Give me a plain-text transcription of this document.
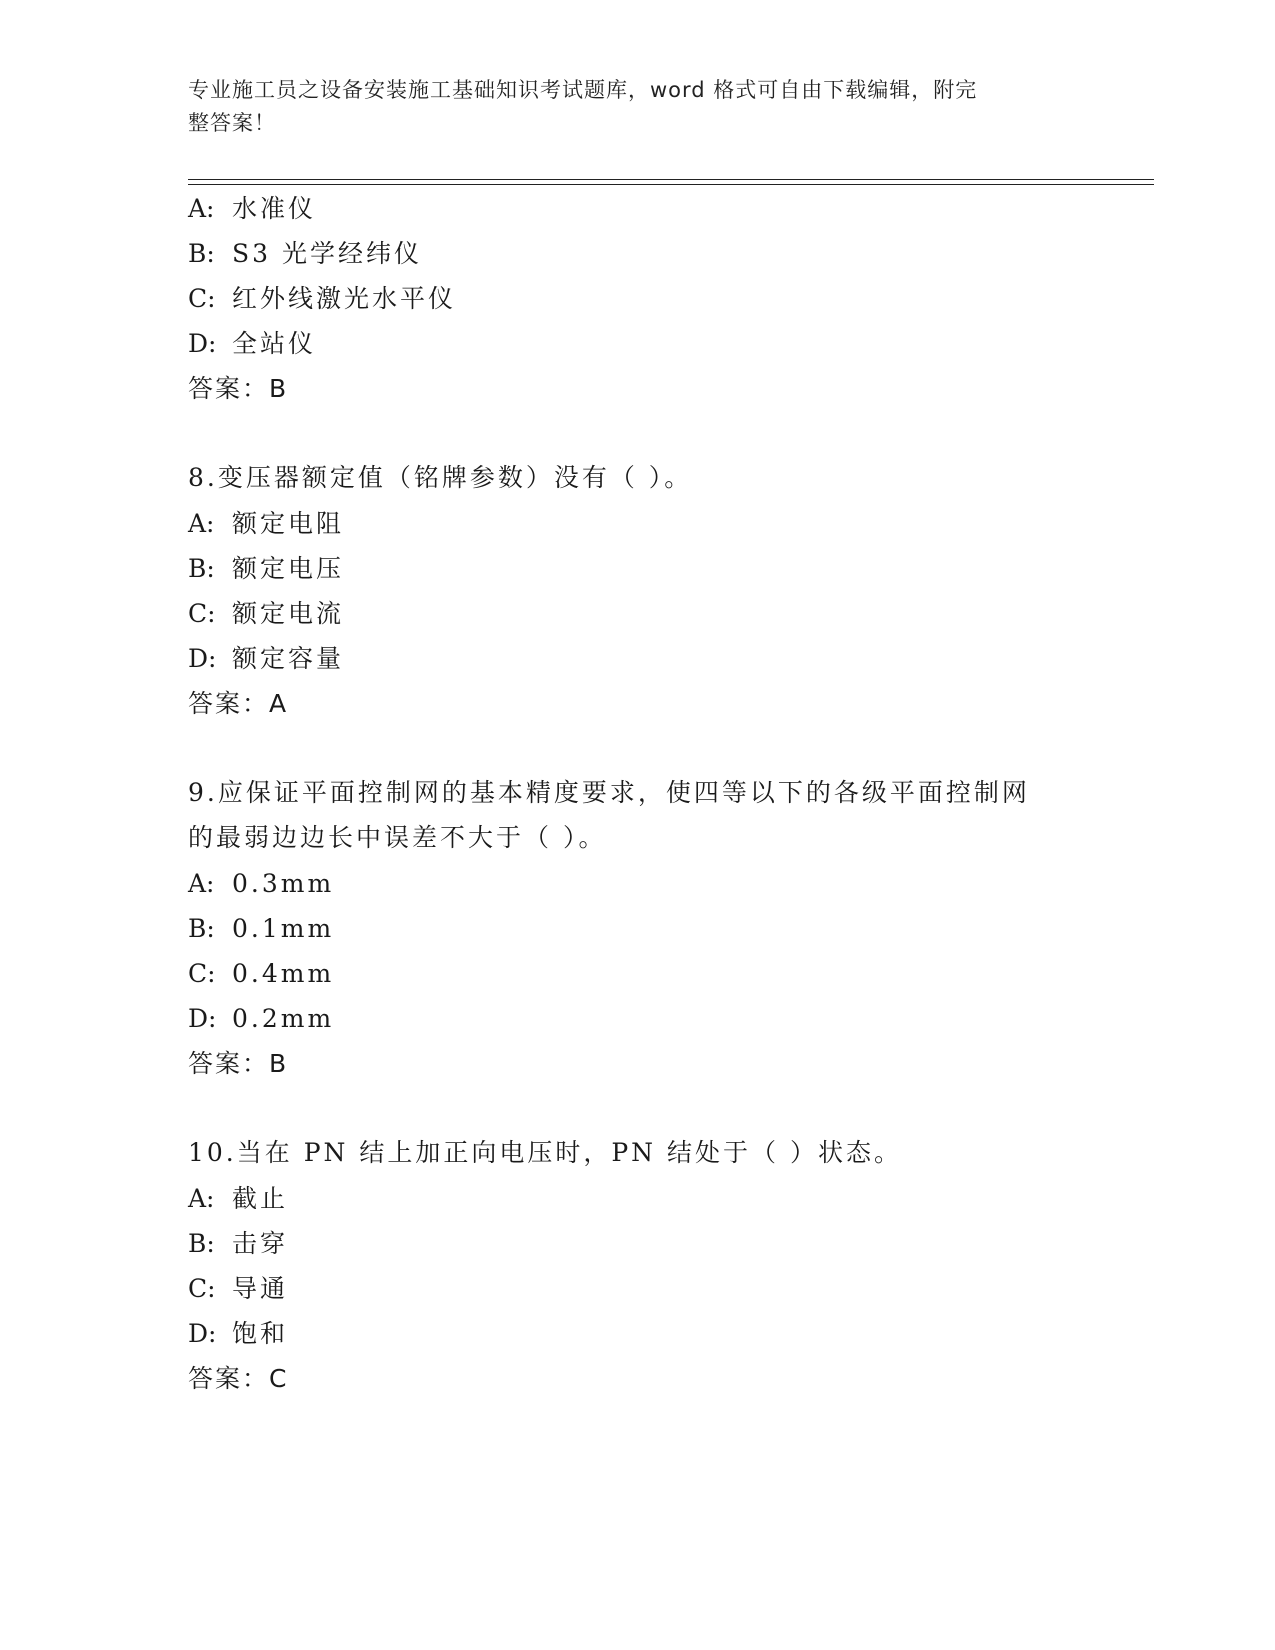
专业施工员之设备安装施工基础知识考试题库，word 格式可自由下载编辑，附完
整答案！
A: 水准仪
B: S3 光学经纬仪
C: 红外线激光水平仪
D: 全站仪
答案：B
8.变压器额定值（铭牌参数）没有（ ）。
A: 额定电阻
B: 额定电压
C: 额定电流
D: 额定容量
答案：A
9.应保证平面控制网的基本精度要求，使四等以下的各级平面控制网
的最弱边边长中误差不大于（ ）。
A: 0.3mm
B: 0.1mm
C: 0.4mm
D: 0.2mm
答案：B
10.当在 PN 结上加正向电压时，PN 结处于（ ）状态。
A: 截止
B: 击穿
C: 导通
D: 饱和
答案：C
